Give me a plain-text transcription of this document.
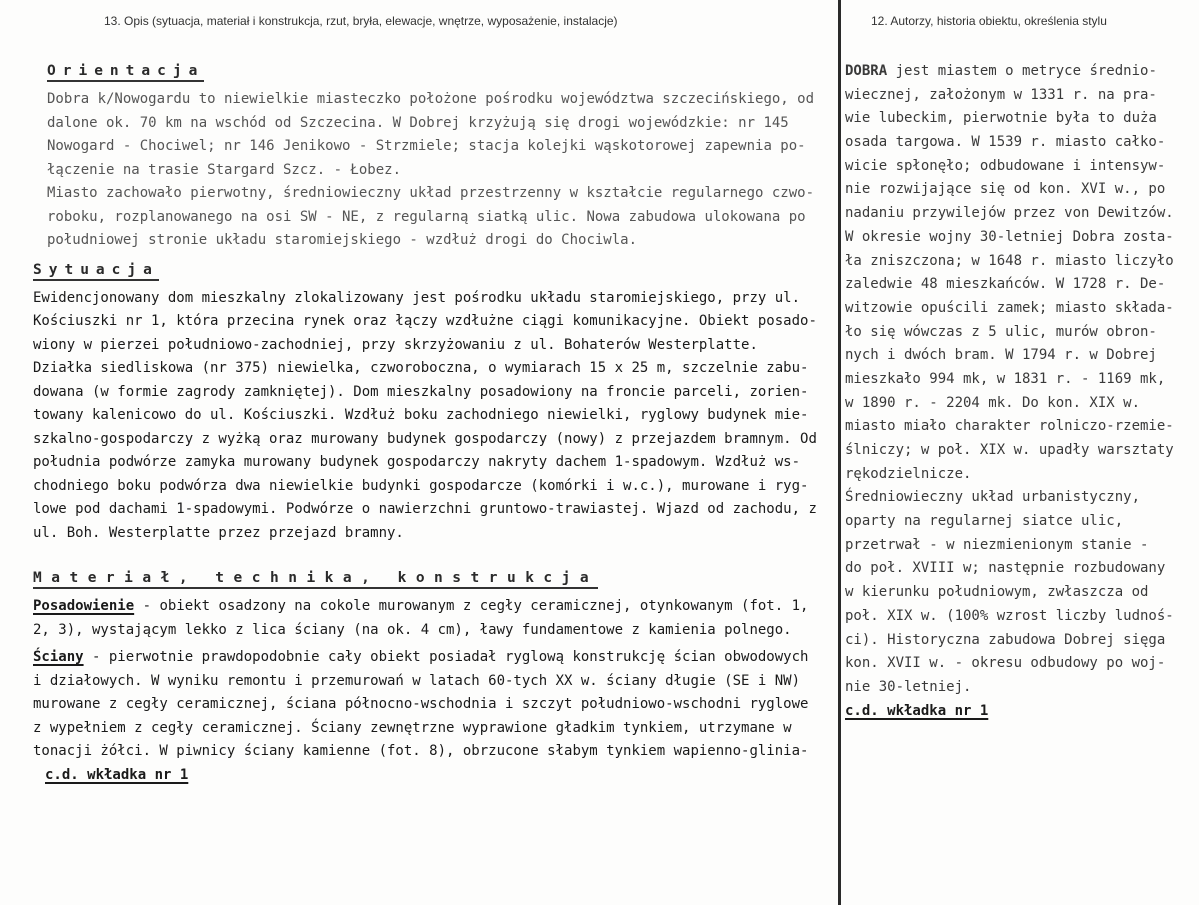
13. Opis (sytuacja, materiał i konstrukcja, rzut, bryła, elewacje, wnętrze, wyposażenie, instalacje)	12. Autorzy, historia obiektu, określenia stylu
Orientacja
Dobra k/Nowogardu to niewielkie miasteczko położone pośrodku województwa szczecińskiego, od
dalone ok. 70 km na wschód od Szczecina. W Dobrej krzyżują się drogi wojewódzkie: nr 145
Nowogard - Chociwel; nr 146 Jenikowo - Strzmiele; stacja kolejki wąskotorowej zapewnia po-
łączenie na trasie Stargard Szcz. - Łobez.
Miasto zachowało pierwotny, średniowieczny układ przestrzenny w kształcie regularnego czwo-
roboku, rozplanowanego na osi SW - NE, z regularną siatką ulic. Nowa zabudowa ulokowana po
południowej stronie układu staromiejskiego - wzdłuż drogi do Chociwla.
Sytuacja
Ewidencjonowany dom mieszkalny zlokalizowany jest pośrodku układu staromiejskiego, przy ul.
Kościuszki nr 1, która przecina rynek oraz łączy wzdłużne ciągi komunikacyjne. Obiekt posado-
wiony w pierzei południowo-zachodniej, przy skrzyżowaniu z ul. Bohaterów Westerplatte.
Działka siedliskowa (nr 375) niewielka, czworoboczna, o wymiarach 15 x 25 m, szczelnie zabu-
dowana (w formie zagrody zamkniętej). Dom mieszkalny posadowiony na froncie parceli, zorien-
towany kalenicowo do ul. Kościuszki. Wzdłuż boku zachodniego niewielki, ryglowy budynek mie-
szkalno-gospodarczy z wyżką oraz murowany budynek gospodarczy (nowy) z przejazdem bramnym. Od
południa podwórze zamyka murowany budynek gospodarczy nakryty dachem 1-spadowym. Wzdłuż ws-
chodniego boku podwórza dwa niewielkie budynki gospodarcze (komórki i w.c.), murowane i ryg-
lowe pod dachami 1-spadowymi. Podwórze o nawierzchni gruntowo-trawiastej. Wjazd od zachodu, z
ul. Boh. Westerplatte przez przejazd bramny.
Materiał, technika, konstrukcja
Posadowienie - obiekt osadzony na cokole murowanym z cegły ceramicznej, otynkowanym (fot. 1,
2, 3), wystającym lekko z lica ściany (na ok. 4 cm), ławy fundamentowe z kamienia polnego.
Ściany - pierwotnie prawdopodobnie cały obiekt posiadał ryglową konstrukcję ścian obwodowych
i działowych. W wyniku remontu i przemurowań w latach 60-tych XX w. ściany długie (SE i NW)
murowane z cegły ceramicznej, ściana północno-wschodnia i szczyt południowo-wschodni ryglowe
z wypełniem z cegły ceramicznej. Ściany zewnętrzne wyprawione gładkim tynkiem, utrzymane w
tonacji żółci. W piwnicy ściany kamienne (fot. 8), obrzucone słabym tynkiem wapienno-glinia-
c.d. wkładka nr 1
DOBRA jest miastem o metryce średnio-
wiecznej, założonym w 1331 r. na pra-
wie lubeckim, pierwotnie była to duża
osada targowa. W 1539 r. miasto całko-
wicie spłonęło; odbudowane i intensyw-
nie rozwijające się od kon. XVI w., po
nadaniu przywilejów przez von Dewitzów.
W okresie wojny 30-letniej Dobra zosta-
ła zniszczona; w 1648 r. miasto liczyło
zaledwie 48 mieszkańców. W 1728 r. De-
witzowie opuścili zamek; miasto składa-
ło się wówczas z 5 ulic, murów obron-
nych i dwóch bram. W 1794 r. w Dobrej
mieszkało 994 mk, w 1831 r. - 1169 mk,
w 1890 r. - 2204 mk. Do kon. XIX w.
miasto miało charakter rolniczo-rzemie-
ślniczy; w poł. XIX w. upadły warsztaty
rękodzielnicze.
Średniowieczny układ urbanistyczny,
oparty na regularnej siatce ulic,
przetrwał - w niezmienionym stanie -
do poł. XVIII w; następnie rozbudowany
w kierunku południowym, zwłaszcza od
poł. XIX w. (100% wzrost liczby ludnoś-
ci). Historyczna zabudowa Dobrej sięga
kon. XVII w. - okresu odbudowy po woj-
nie 30-letniej.
c.d. wkładka nr 1
